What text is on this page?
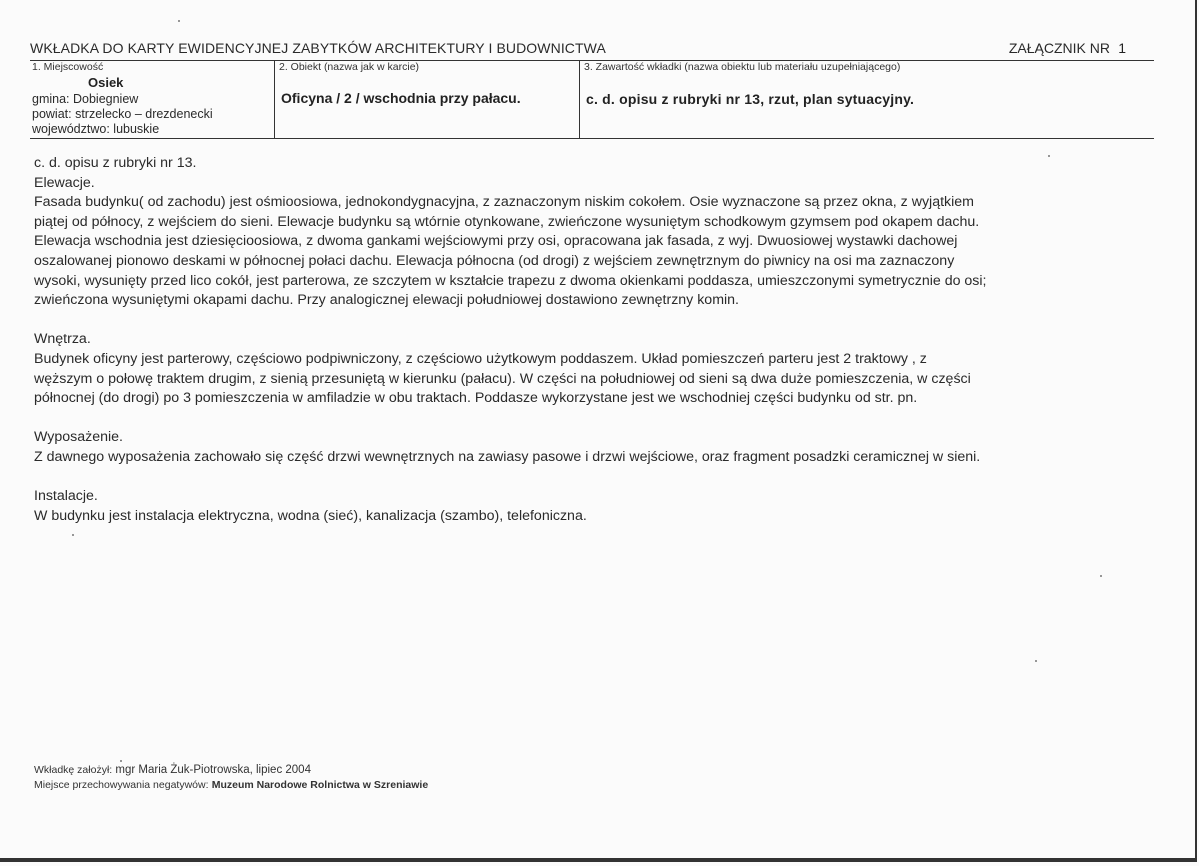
WKŁADKA DO KARTY EWIDENCYJNEJ ZABYTKÓW ARCHITEKTURY I BUDOWNICTWA	ZAŁĄCZNIK NR 1
1. Miejscowość
Osiek
gmina: Dobiegniew
powiat: strzelecko – drezdenecki
województwo: lubuskie
2. Obiekt (nazwa jak w karcie)
Oficyna / 2 / wschodnia przy pałacu.
3. Zawartość wkładki (nazwa obiektu lub materiału uzupełniającego)
c. d. opisu z rubryki nr 13, rzut, plan sytuacyjny.

c. d. opisu z rubryki nr 13.

Elewacje.

Fasada budynku( od zachodu) jest ośmioosiowa, jednokondygnacyjna, z zaznaczonym niskim cokołem. Osie wyznaczone są przez okna, z wyjątkiem

piątej od północy, z wejściem do sieni. Elewacje budynku są wtórnie otynkowane, zwieńczone wysuniętym schodkowym gzymsem pod okapem dachu.

Elewacja wschodnia jest dziesięcioosiowa, z dwoma gankami wejściowymi przy osi, opracowana jak fasada, z wyj. Dwuosiowej wystawki dachowej

oszalowanej pionowo deskami w północnej połaci dachu. Elewacja północna (od drogi) z wejściem zewnętrznym do piwnicy na osi ma zaznaczony

wysoki, wysunięty przed lico cokół, jest parterowa, ze szczytem w kształcie trapezu z dwoma okienkami poddasza, umieszczonymi symetrycznie do osi;

zwieńczona wysuniętymi okapami dachu. Przy analogicznej elewacji południowej dostawiono zewnętrzny komin.

Wnętrza.

Budynek oficyny jest parterowy, częściowo podpiwniczony, z częściowo użytkowym poddaszem. Układ pomieszczeń parteru jest 2 traktowy , z

węższym o połowę traktem drugim, z sienią przesuniętą w kierunku (pałacu). W części na południowej od sieni są dwa duże pomieszczenia, w części

północnej (do drogi) po 3 pomieszczenia w amfiladzie w obu traktach. Poddasze wykorzystane jest we wschodniej części budynku od str. pn.

Wyposażenie.

Z dawnego wyposażenia zachowało się część drzwi wewnętrznych na zawiasy pasowe i drzwi wejściowe, oraz fragment posadzki ceramicznej w sieni.

Instalacje.

W budynku jest instalacja elektryczna, wodna (sieć), kanalizacja (szambo), telefoniczna.

Wkładkę założył: mgr Maria Żuk-Piotrowska, lipiec 2004

Miejsce przechowywania negatywów: Muzeum Narodowe Rolnictwa w Szreniawie
